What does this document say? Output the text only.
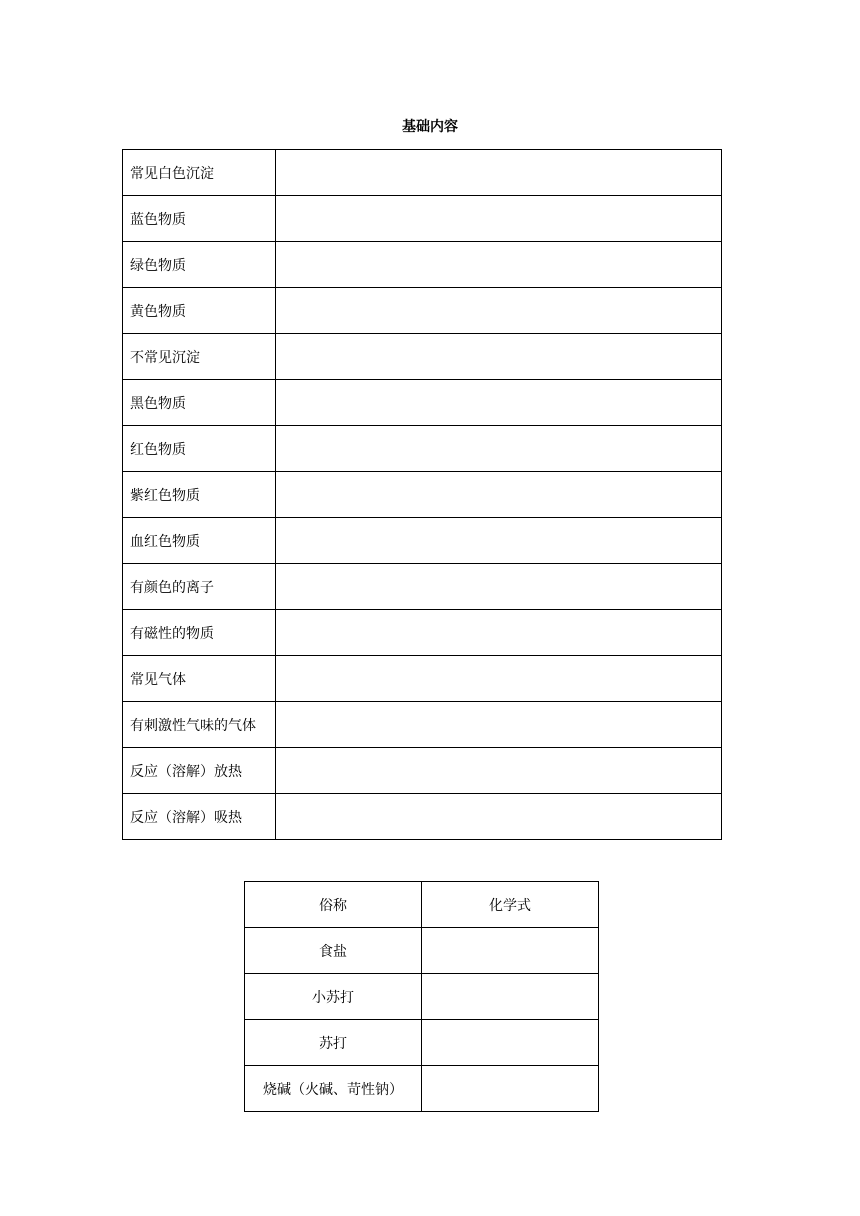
基础内容
常见白色沉淀	
蓝色物质	
绿色物质	
黄色物质	
不常见沉淀	
黑色物质	
红色物质	
紫红色物质	
血红色物质	
有颜色的离子	
有磁性的物质	
常见气体	
有刺激性气味的气体	
反应（溶解）放热	
反应（溶解）吸热	
俗称	化学式
食盐	
小苏打	
苏打	
烧碱（火碱、苛性钠）	
